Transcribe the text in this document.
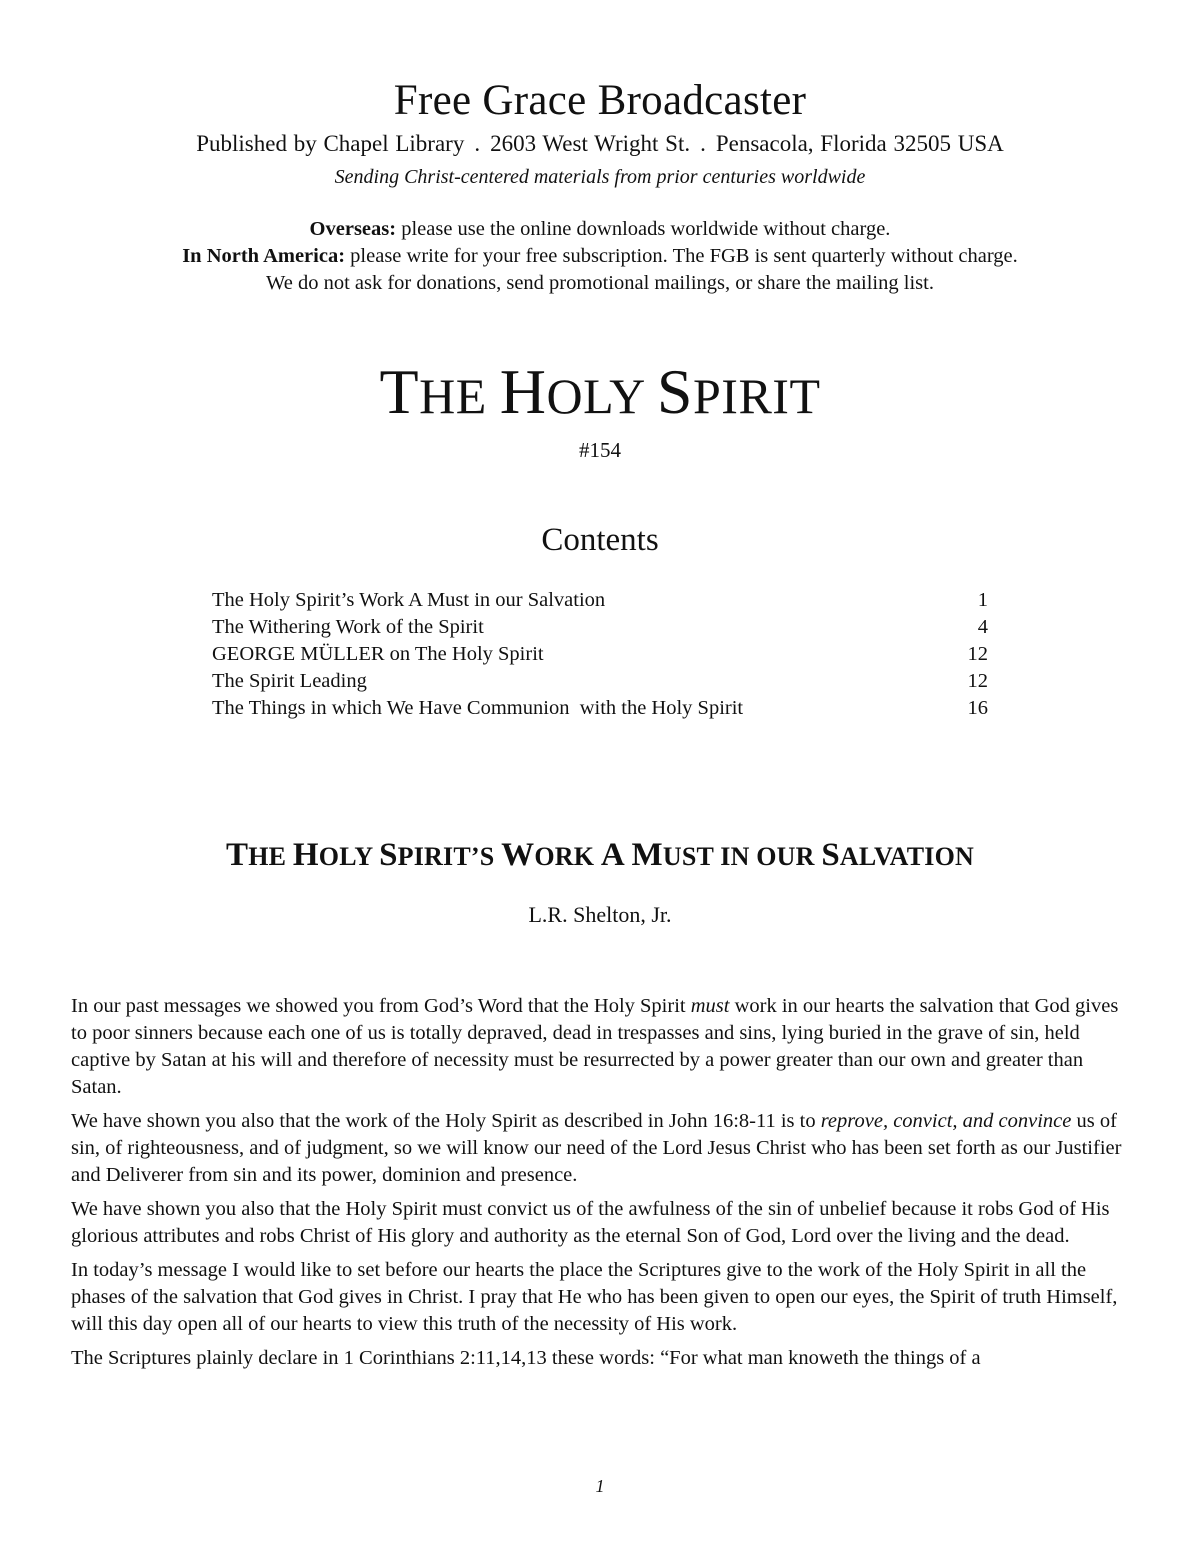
Free Grace Broadcaster
Published by Chapel Library . 2603 West Wright St. . Pensacola, Florida 32505 USA
Sending Christ-centered materials from prior centuries worldwide
Overseas: please use the online downloads worldwide without charge.
In North America: please write for your free subscription. The FGB is sent quarterly without charge.
We do not ask for donations, send promotional mailings, or share the mailing list.
THE HOLY SPIRIT
#154
Contents
The Holy Spirit’s Work A Must in our Salvation	1
The Withering Work of the Spirit	4
GEORGE MÜLLER on The Holy Spirit	12
The Spirit Leading	12
The Things in which We Have Communion  with the Holy Spirit	16
THE HOLY SPIRIT’S WORK A MUST IN OUR SALVATION
L.R. Shelton, Jr.

In our past messages we showed you from God’s Word that the Holy Spirit must work in our hearts the salvation that God gives to poor sinners because each one of us is totally depraved, dead in trespasses and sins, lying buried in the grave of sin, held captive by Satan at his will and therefore of necessity must be resurrected by a power greater than our own and greater than Satan.

We have shown you also that the work of the Holy Spirit as described in John 16:8-11 is to reprove, convict, and convince us of sin, of righteousness, and of judgment, so we will know our need of the Lord Jesus Christ who has been set forth as our Justifier and Deliverer from sin and its power, dominion and presence.

We have shown you also that the Holy Spirit must convict us of the awfulness of the sin of unbelief because it robs God of His glorious attributes and robs Christ of His glory and authority as the eternal Son of God, Lord over the living and the dead.

In today’s message I would like to set before our hearts the place the Scriptures give to the work of the Holy Spirit in all the phases of the salvation that God gives in Christ. I pray that He who has been given to open our eyes, the Spirit of truth Himself, will this day open all of our hearts to view this truth of the necessity of His work.

The Scriptures plainly declare in 1 Corinthians 2:11,14,13 these words: “For what man knoweth the things of a

1
